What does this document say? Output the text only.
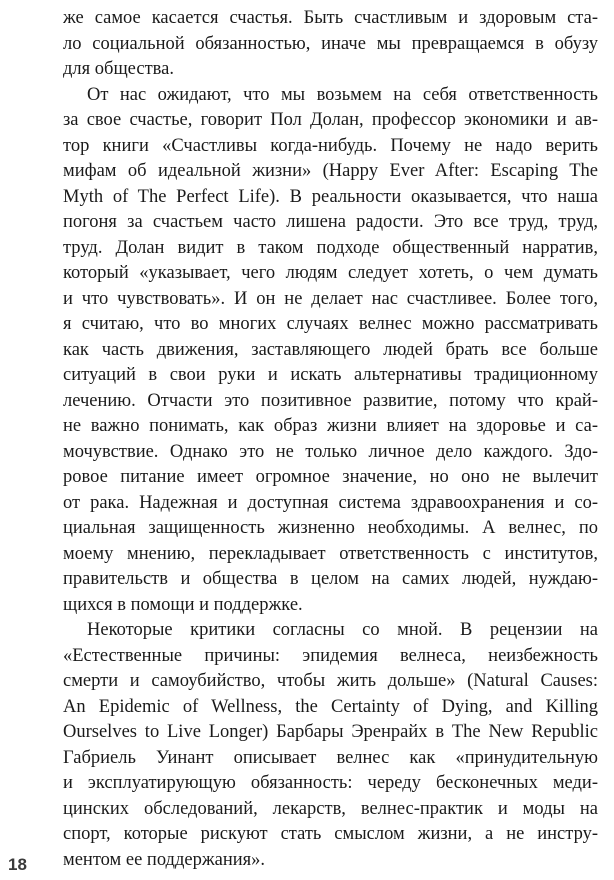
же самое касается счастья. Быть счастливым и здоровым ста-
ло социальной обязанностью, иначе мы превращаемся в обузу
для общества.

От нас ожидают, что мы возьмем на себя ответственность
за свое счастье, говорит Пол Долан, профессор экономики и ав-
тор книги «Счастливы когда-нибудь. Почему не надо верить
мифам об идеальной жизни» (Happy Ever After: Escaping The
Myth of The Perfect Life). В реальности оказывается, что наша
погоня за счастьем часто лишена радости. Это все труд, труд,
труд. Долан видит в таком подходе общественный нарратив,
который «указывает, чего людям следует хотеть, о чем думать
и что чувствовать». И он не делает нас счастливее. Более того,
я считаю, что во многих случаях велнес можно рассматривать
как часть движения, заставляющего людей брать все больше
ситуаций в свои руки и искать альтернативы традиционному
лечению. Отчасти это позитивное развитие, потому что край-
не важно понимать, как образ жизни влияет на здоровье и са-
мочувствие. Однако это не только личное дело каждого. Здо-
ровое питание имеет огромное значение, но оно не вылечит
от рака. Надежная и доступная система здравоохранения и со-
циальная защищенность жизненно необходимы. А велнес, по
моему мнению, перекладывает ответственность с институтов,
правительств и общества в целом на самих людей, нуждаю-
щихся в помощи и поддержке.

Некоторые критики согласны со мной. В рецензии на
«Естественные причины: эпидемия велнеса, неизбежность
смерти и самоубийство, чтобы жить дольше» (Natural Causes:
An Epidemic of Wellness, the Certainty of Dying, and Killing
Ourselves to Live Longer) Барбары Эренрайх в The New Republic
Габриель Уинант описывает велнес как «принудительную
и эксплуатирующую обязанность: череду бесконечных меди-
цинских обследований, лекарств, велнес-практик и моды на
спорт, которые рискуют стать смыслом жизни, а не инстру-
ментом ее поддержания».

18
